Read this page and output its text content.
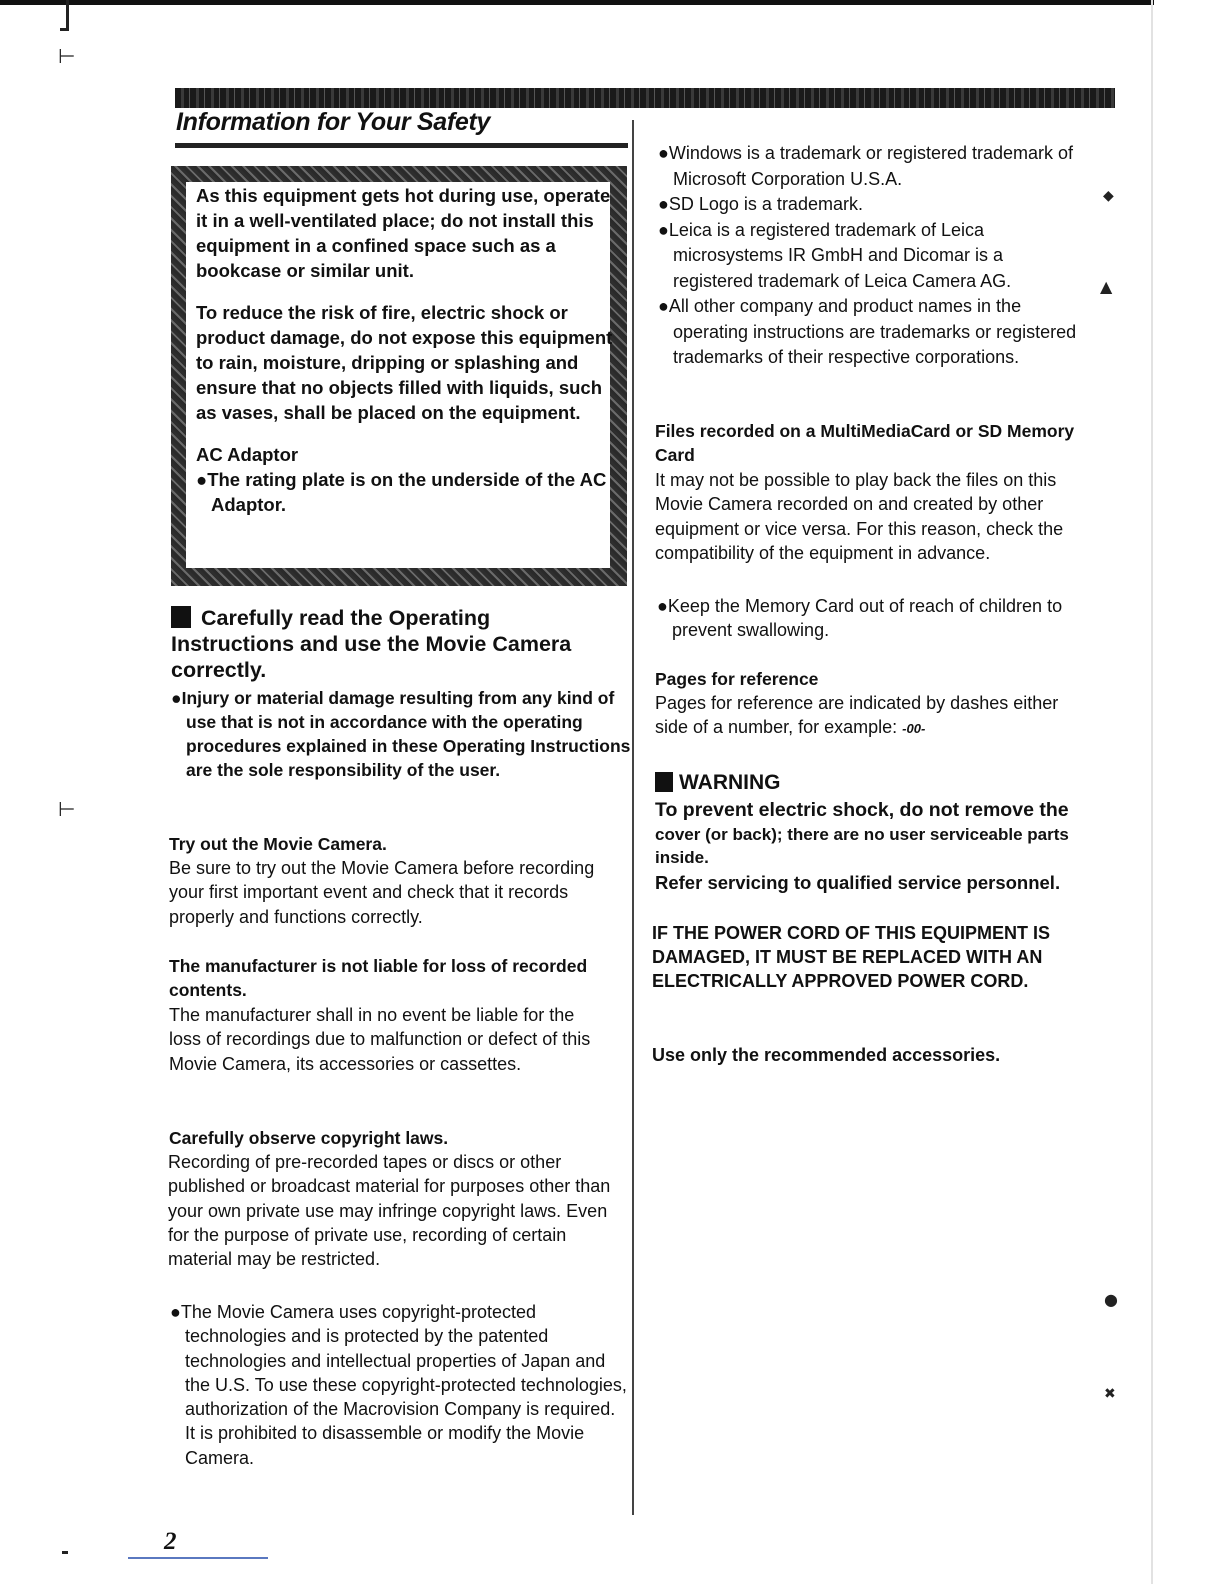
⊢
⊢
◆
▲
●
✖
Information for Your Safety

As this equipment gets hot during use, operate it in a well-ventilated place; do not install this equipment in a confined space such as a bookcase or similar unit.

To reduce the risk of fire, electric shock or product damage, do not expose this equipment to rain, moisture, dripping or splashing and ensure that no objects filled with liquids, such as vases, shall be placed on the equipment.

AC Adaptor
●The rating plate is on the underside of the AC Adaptor.
Carefully read the Operating Instructions and use the Movie Camera correctly.
●Injury or material damage resulting from any kind of use that is not in accordance with the operating procedures explained in these Operating Instructions are the sole responsibility of the user.
Try out the Movie Camera.
Be sure to try out the Movie Camera before recording your first important event and check that it records properly and functions correctly.
The manufacturer is not liable for loss of recorded contents.
The manufacturer shall in no event be liable for the loss of recordings due to malfunction or defect of this Movie Camera, its accessories or cassettes.
Carefully observe copyright laws.
Recording of pre-recorded tapes or discs or other published or broadcast material for purposes other than your own private use may infringe copyright laws. Even for the purpose of private use, recording of certain material may be restricted.
●The Movie Camera uses copyright-protected technologies and is protected by the patented technologies and intellectual properties of Japan and the U.S. To use these copyright-protected technologies, authorization of the Macrovision Company is required. It is prohibited to disassemble or modify the Movie Camera.
●Windows is a trademark or registered trademark of Microsoft Corporation U.S.A.
●SD Logo is a trademark.
●Leica is a registered trademark of Leica microsystems IR GmbH and Dicomar is a registered trademark of Leica Camera AG.
●All other company and product names in the operating instructions are trademarks or registered trademarks of their respective corporations.
Files recorded on a MultiMediaCard or SD Memory Card
It may not be possible to play back the files on this Movie Camera recorded on and created by other equipment or vice versa. For this reason, check the compatibility of the equipment in advance.
●Keep the Memory Card out of reach of children to prevent swallowing.
Pages for reference
Pages for reference are indicated by dashes either side of a number, for example: -00-
WARNING
To prevent electric shock, do not remove the
cover (or back); there are no user serviceable parts inside.
Refer servicing to qualified service personnel.
IF THE POWER CORD OF THIS EQUIPMENT IS DAMAGED, IT MUST BE REPLACED WITH AN ELECTRICALLY APPROVED POWER CORD.
Use only the recommended accessories.
2
